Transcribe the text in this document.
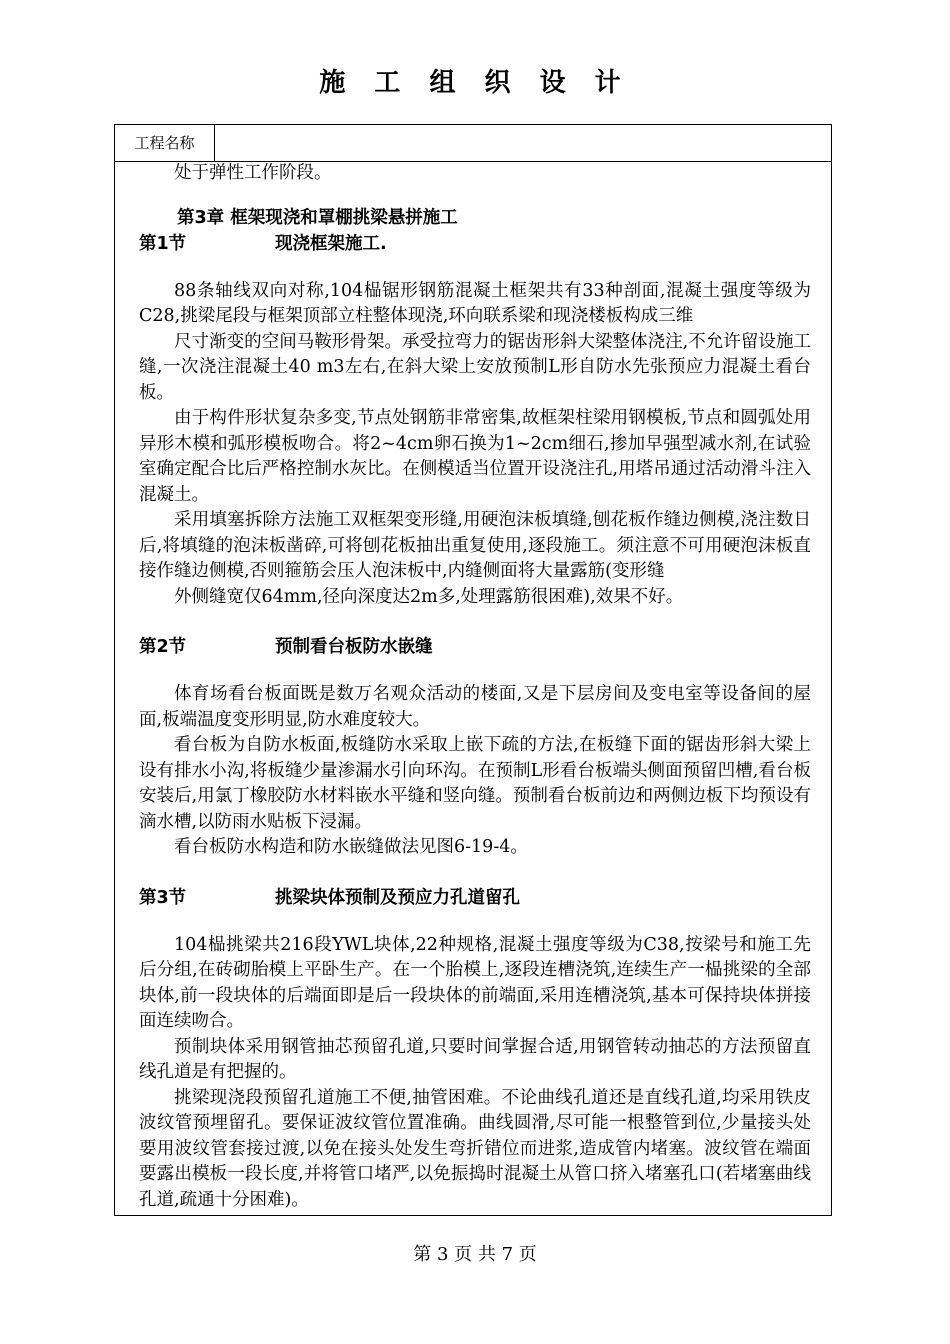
施 工 组 织 设 计
工程名称

处于弹性工作阶段。

第3章 框架现浇和罩棚挑梁悬拼施工
第1节	现浇框架施工.

88条轴线双向对称,104榀锯形钢筋混凝土框架共有33种剖面,混凝土强度等级为C28,挑梁尾段与框架顶部立柱整体现浇,环向联系梁和现浇楼板构成三维

尺寸渐变的空间马鞍形骨架。承受拉弯力的锯齿形斜大梁整体浇注,不允许留设施工缝,一次浇注混凝土40 m3左右,在斜大梁上安放预制L形自防水先张预应力混凝土看台板。

由于构件形状复杂多变,节点处钢筋非常密集,故框架柱梁用钢模板,节点和圆弧处用异形木模和弧形模板吻合。将2~4cm卵石换为1~2cm细石,掺加早强型减水剂,在试验室确定配合比后严格控制水灰比。在侧模适当位置开设浇注孔,用塔吊通过活动滑斗注入混凝土。

采用填塞拆除方法施工双框架变形缝,用硬泡沫板填缝,刨花板作缝边侧模,浇注数日后,将填缝的泡沫板凿碎,可将刨花板抽出重复使用,逐段施工。须注意不可用硬泡沫板直接作缝边侧模,否则箍筋会压人泡沫板中,内缝侧面将大量露筋(变形缝

外侧缝宽仅64mm,径向深度达2m多,处理露筋很困难),效果不好。

第2节	预制看台板防水嵌缝

体育场看台板面既是数万名观众活动的楼面,又是下层房间及变电室等设备间的屋面,板端温度变形明显,防水难度较大。

看台板为自防水板面,板缝防水采取上嵌下疏的方法,在板缝下面的锯齿形斜大梁上设有排水小沟,将板缝少量渗漏水引向环沟。在预制L形看台板端头侧面预留凹槽,看台板安装后,用氯丁橡胶防水材料嵌水平缝和竖向缝。预制看台板前边和两侧边板下均预设有滴水槽,以防雨水贴板下浸漏。

看台板防水构造和防水嵌缝做法见图6-19-4。

第3节	挑梁块体预制及预应力孔道留孔

104榀挑梁共216段YWL块体,22种规格,混凝土强度等级为C38,按梁号和施工先后分组,在砖砌胎模上平卧生产。在一个胎模上,逐段连槽浇筑,连续生产一榀挑梁的全部块体,前一段块体的后端面即是后一段块体的前端面,采用连槽浇筑,基本可保持块体拼接面连续吻合。

预制块体采用钢管抽芯预留孔道,只要时间掌握合适,用钢管转动抽芯的方法预留直线孔道是有把握的。

挑梁现浇段预留孔道施工不便,抽管困难。不论曲线孔道还是直线孔道,均采用铁皮波纹管预埋留孔。要保证波纹管位置准确。曲线圆滑,尽可能一根整管到位,少量接头处要用波纹管套接过渡,以免在接头处发生弯折错位而进浆,造成管内堵塞。波纹管在端面要露出模板一段长度,并将管口堵严,以免振捣时混凝土从管口挤入堵塞孔口(若堵塞曲线孔道,疏通十分困难)。

第 3 页 共 7 页
